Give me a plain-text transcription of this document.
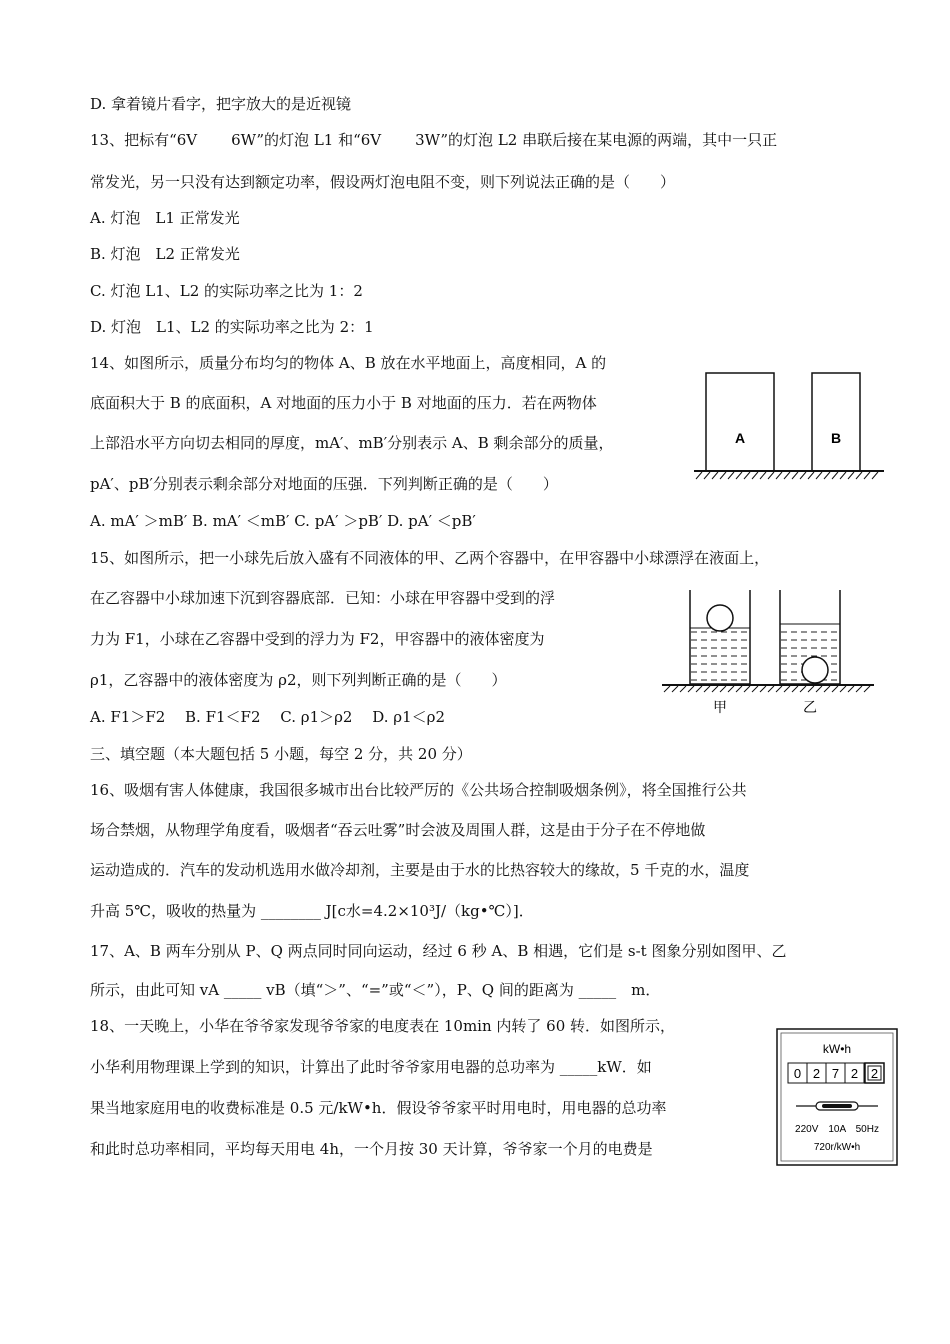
D. 拿着镜片看字，把字放大的是近视镜
13、把标有“6V 6W”的灯泡 L1 和“6V 3W”的灯泡 L2 串联后接在某电源的两端，其中一只正
常发光，另一只没有达到额定功率，假设两灯泡电阻不变，则下列说法正确的是（　　）
A. 灯泡　L1 正常发光
B. 灯泡　L2 正常发光
C. 灯泡 L1、L2 的实际功率之比为 1：2
D. 灯泡　L1、L2 的实际功率之比为 2：1
14、如图所示，质量分布均匀的物体 A、B 放在水平地面上，高度相同，A 的
底面积大于 B 的底面积，A 对地面的压力小于 B 对地面的压力．若在两物体
上部沿水平方向切去相同的厚度，mA′、mB′分别表示 A、B 剩余部分的质量，
pA′、pB′分别表示剩余部分对地面的压强．下列判断正确的是（　　）
A. mA′ ＞mB′ B. mA′ ＜mB′ C. pA′ ＞pB′ D. pA′ ＜pB′
A	B
15、如图所示，把一小球先后放入盛有不同液体的甲、乙两个容器中，在甲容器中小球漂浮在液面上，
在乙容器中小球加速下沉到容器底部．已知：小球在甲容器中受到的浮
力为 F1，小球在乙容器中受到的浮力为 F2，甲容器中的液体密度为
ρ1，乙容器中的液体密度为 ρ2，则下列判断正确的是（　　）
A. F1＞F2　 B. F1＜F2　 C. ρ1＞ρ2　 D. ρ1＜ρ2
甲	乙
三、填空题（本大题包括 5 小题，每空 2 分，共 20 分）
16、吸烟有害人体健康，我国很多城市出台比较严厉的《公共场合控制吸烟条例》，将全国推行公共
场合禁烟，从物理学角度看，吸烟者“吞云吐雾”时会波及周围人群，这是由于分子在不停地做
运动造成的．汽车的发动机选用水做冷却剂，主要是由于水的比热容较大的缘故，5 千克的水，温度
升高 5℃，吸收的热量为 ________ J[c水=4.2×10³J/（kg•℃）]．
17、A、B 两车分别从 P、Q 两点同时同向运动，经过 6 秒 A、B 相遇，它们是 s-t 图象分别如图甲、乙
所示，由此可知 vA _____ vB（填“＞”、“=”或“＜”），P、Q 间的距离为 _____　m．
18、一天晚上，小华在爷爷家发现爷爷家的电度表在 10min 内转了 60 转．如图所示，
小华利用物理课上学到的知识，计算出了此时爷爷家用电器的总功率为 _____kW．如
果当地家庭用电的收费标准是 0.5 元/kW•h．假设爷爷家平时用电时，用电器的总功率
和此时总功率相同，平均每天用电 4h，一个月按 30 天计算，爷爷家一个月的电费是
kW•h
0 2 7 2 2
220V　10A　50Hz
720r/kW•h
